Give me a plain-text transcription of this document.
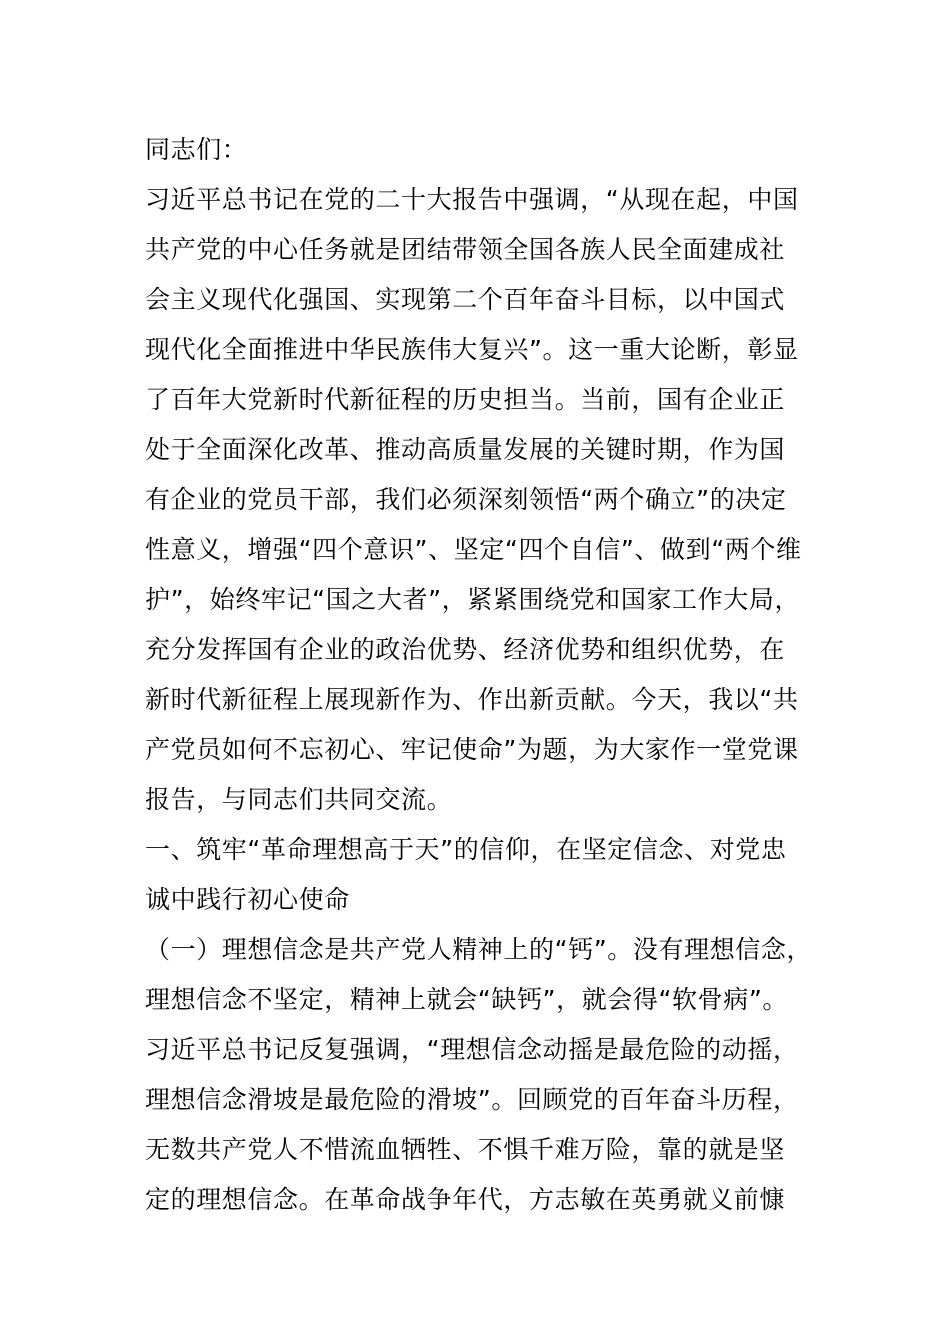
同志们：
习近平总书记在党的二十大报告中强调，“从现在起，中国
共产党的中心任务就是团结带领全国各族人民全面建成社
会主义现代化强国、实现第二个百年奋斗目标，以中国式
现代化全面推进中华民族伟大复兴”。这一重大论断，彰显
了百年大党新时代新征程的历史担当。当前，国有企业正
处于全面深化改革、推动高质量发展的关键时期，作为国
有企业的党员干部，我们必须深刻领悟“两个确立”的决定
性意义，增强“四个意识”、坚定“四个自信”、做到“两个维
护”，始终牢记“国之大者”，紧紧围绕党和国家工作大局，
充分发挥国有企业的政治优势、经济优势和组织优势，在
新时代新征程上展现新作为、作出新贡献。今天，我以“共
产党员如何不忘初心、牢记使命”为题，为大家作一堂党课
报告，与同志们共同交流。
一、筑牢“革命理想高于天”的信仰，在坚定信念、对党忠
诚中践行初心使命
（一）理想信念是共产党人精神上的“钙”。没有理想信念，
理想信念不坚定，精神上就会“缺钙”，就会得“软骨病”。
习近平总书记反复强调，“理想信念动摇是最危险的动摇，
理想信念滑坡是最危险的滑坡”。回顾党的百年奋斗历程，
无数共产党人不惜流血牺牲、不惧千难万险，靠的就是坚
定的理想信念。在革命战争年代，方志敏在英勇就义前慷
